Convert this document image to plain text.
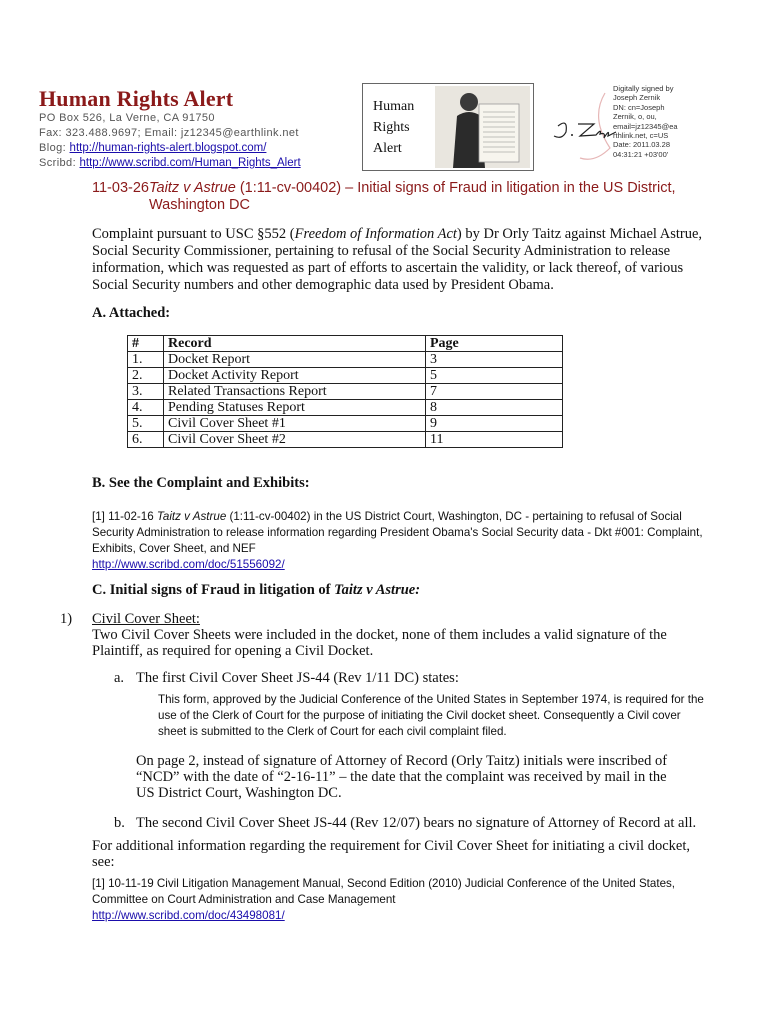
Human Rights Alert
PO Box 526, La Verne, CA 91750
Fax: 323.488.9697; Email: jz12345@earthlink.net
Blog: http://human-rights-alert.blogspot.com/
Scribd: http://www.scribd.com/Human_Rights_Alert
Human
Rights
Alert
Digitally signed by
Joseph Zernik
DN: cn=Joseph
Zernik, o, ou,
email=jz12345@ea
rthlink.net, c=US
Date: 2011.03.28
04:31:21 +03'00'
11-03-26Taitz v Astrue (1:11-cv-00402) – Initial signs of Fraud in litigation in the US District,
Washington DC
Complaint pursuant to USC §552 (Freedom of Information Act) by Dr Orly Taitz against Michael Astrue, Social Security Commissioner, pertaining to refusal of the Social Security Administration to release information, which was requested as part of efforts to ascertain the validity, or lack thereof, of various Social Security numbers and other demographic data used by President Obama.
A. Attached:
#	Record	Page
1.	Docket Report	3
2.	Docket Activity Report	5
3.	Related Transactions Report	7
4.	Pending Statuses Report	8
5.	Civil Cover Sheet #1	9
6.	Civil Cover Sheet #2	11
B. See the Complaint and Exhibits:
[1] 11-02-16 Taitz v Astrue (1:11-cv-00402) in the US District Court, Washington, DC - pertaining to refusal of Social Security Administration to release information regarding President Obama's Social Security data - Dkt #001: Complaint, Exhibits, Cover Sheet, and NEF
http://www.scribd.com/doc/51556092/
C. Initial signs of Fraud in litigation of Taitz v Astrue:
1) Civil Cover Sheet:
Two Civil Cover Sheets were included in the docket, none of them includes a valid signature of the Plaintiff, as required for opening a Civil Docket.
a. The first Civil Cover Sheet JS-44 (Rev 1/11 DC) states:
This form, approved by the Judicial Conference of the United States in September 1974, is required for the use of the Clerk of Court for the purpose of initiating the Civil docket sheet. Consequently a Civil cover sheet is submitted to the Clerk of Court for each civil complaint filed.
On page 2, instead of signature of Attorney of Record (Orly Taitz) initials were inscribed of “NCD” with the date of “2-16-11” – the date that the complaint was received by mail in the US District Court, Washington DC.
b. The second Civil Cover Sheet JS-44 (Rev 12/07) bears no signature of Attorney of Record at all.
For additional information regarding the requirement for Civil Cover Sheet for initiating a civil docket, see:
[1] 10-11-19 Civil Litigation Management Manual, Second Edition (2010) Judicial Conference of the United States, Committee on Court Administration and Case Management
http://www.scribd.com/doc/43498081/
